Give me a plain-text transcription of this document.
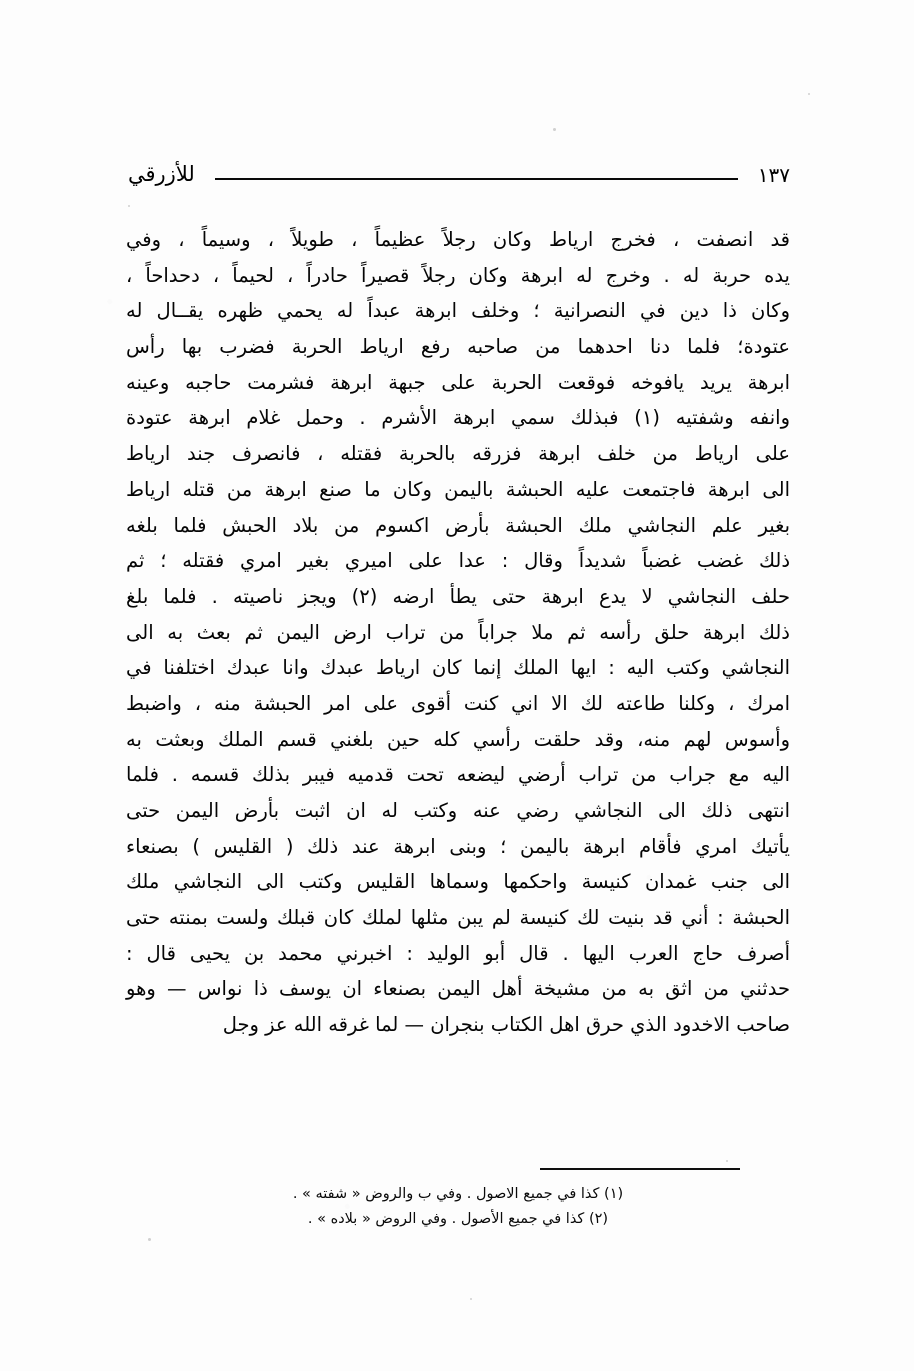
للأزرقي	١٣٧
قد انصفت ، فخرج ارياط وكان رجلاً عظيماً ، طويلاً ، وسيماً ، وفي
يده حربة له . وخرج له ابرهة وكان رجلاً قصيراً حادراً ، لحيماً ، دحداحاً ،
وكان ذا دين في النصرانية ؛ وخلف ابرهة عبداً له يحمي ظهره يقــال له
عتودة؛ فلما دنا احدهما من صاحبه رفع ارياط الحربة فضرب بها رأس
ابرهة يريد يافوخه فوقعت الحربة على جبهة ابرهة فشرمت حاجبه وعينه
وانفه وشفتيه (١) فبذلك سمي ابرهة الأشرم . وحمل غلام ابرهة عتودة
على ارياط من خلف ابرهة فزرقه بالحربة فقتله ، فانصرف جند ارياط
الى ابرهة فاجتمعت عليه الحبشة باليمن وكان ما صنع ابرهة من قتله ارياط
بغير علم النجاشي ملك الحبشة بأرض اكسوم من بلاد الحبش فلما بلغه
ذلك غضب غضباً شديداً وقال : عدا على اميري بغير امري فقتله ؛ ثم
حلف النجاشي لا يدع ابرهة حتى يطأ ارضه (٢) ويجز ناصيته . فلما بلغ
ذلك ابرهة حلق رأسه ثم ملا جراباً من تراب ارض اليمن ثم بعث به الى
النجاشي وكتب اليه : ايها الملك إنما كان ارياط عبدك وانا عبدك اختلفنا في
امرك ، وكلنا طاعته لك الا اني كنت أقوى على امر الحبشة منه ، واضبط
وأسوس لهم منه، وقد حلقت رأسي كله حين بلغني قسم الملك وبعثت به
اليه مع جراب من تراب أرضي ليضعه تحت قدميه فيبر بذلك قسمه . فلما
انتهى ذلك الى النجاشي رضي عنه وكتب له ان اثبت بأرض اليمن حتى
يأتيك امري فأقام ابرهة باليمن ؛ وبنى ابرهة عند ذلك ( القليس ) بصنعاء
الى جنب غمدان كنيسة واحكمها وسماها القليس وكتب الى النجاشي ملك
الحبشة : أني قد بنيت لك كنيسة لم يبن مثلها لملك كان قبلك ولست بمنته حتى
أصرف حاج العرب اليها . قال أبو الوليد : اخبرني محمد بن يحيى قال :
حدثني من اثق به من مشيخة أهل اليمن بصنعاء ان يوسف ذا نواس — وهو
صاحب الاخدود الذي حرق اهل الكتاب بنجران — لما غرقه الله عز وجل
(١) كذا في جميع الاصول . وفي ب والروض « شفته » .
(٢) كذا في جميع الأصول . وفي الروض « بلاده » .
